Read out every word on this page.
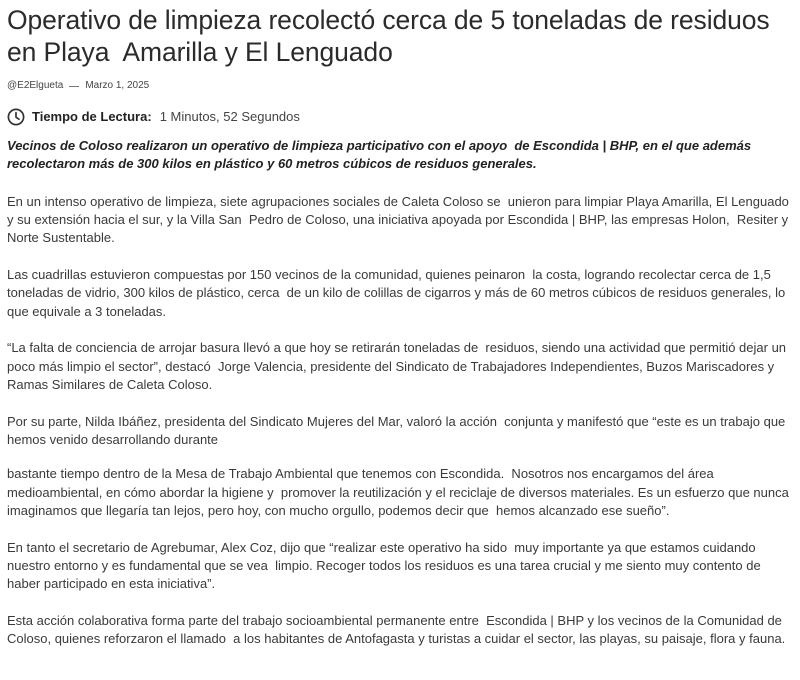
Operativo de limpieza recolectó cerca de 5 toneladas de residuos en Playa  Amarilla y El Lenguado
@E2Elgueta Marzo 1, 2025
Tiempo de Lectura: 1 Minutos, 52 Segundos

Vecinos de Coloso realizaron un operativo de limpieza participativo con el apoyo  de Escondida | BHP, en el que además recolectaron más de 300 kilos en plástico y 60 metros cúbicos de residuos generales.

En un intenso operativo de limpieza, siete agrupaciones sociales de Caleta Coloso se  unieron para limpiar Playa Amarilla, El Lenguado y su extensión hacia el sur, y la Villa San  Pedro de Coloso, una iniciativa apoyada por Escondida | BHP, las empresas Holon,  Resiter y Norte Sustentable.

Las cuadrillas estuvieron compuestas por 150 vecinos de la comunidad, quienes peinaron  la costa, logrando recolectar cerca de 1,5 toneladas de vidrio, 300 kilos de plástico, cerca  de un kilo de colillas de cigarros y más de 60 metros cúbicos de residuos generales, lo  que equivale a 3 toneladas.

“La falta de conciencia de arrojar basura llevó a que hoy se retirarán toneladas de  residuos, siendo una actividad que permitió dejar un poco más limpio el sector”, destacó  Jorge Valencia, presidente del Sindicato de Trabajadores Independientes, Buzos Mariscadores y Ramas Similares de Caleta Coloso.

Por su parte, Nilda Ibáñez, presidenta del Sindicato Mujeres del Mar, valoró la acción  conjunta y manifestó que “este es un trabajo que hemos venido desarrollando durante

bastante tiempo dentro de la Mesa de Trabajo Ambiental que tenemos con Escondida.  Nosotros nos encargamos del área medioambiental, en cómo abordar la higiene y  promover la reutilización y el reciclaje de diversos materiales. Es un esfuerzo que nunca  imaginamos que llegaría tan lejos, pero hoy, con mucho orgullo, podemos decir que  hemos alcanzado ese sueño”.

En tanto el secretario de Agrebumar, Alex Coz, dijo que “realizar este operativo ha sido  muy importante ya que estamos cuidando nuestro entorno y es fundamental que se vea  limpio. Recoger todos los residuos es una tarea crucial y me siento muy contento de haber participado en esta iniciativa”.

Esta acción colaborativa forma parte del trabajo socioambiental permanente entre  Escondida | BHP y los vecinos de la Comunidad de Coloso, quienes reforzaron el llamado  a los habitantes de Antofagasta y turistas a cuidar el sector, las playas, su paisaje, flora y fauna.
